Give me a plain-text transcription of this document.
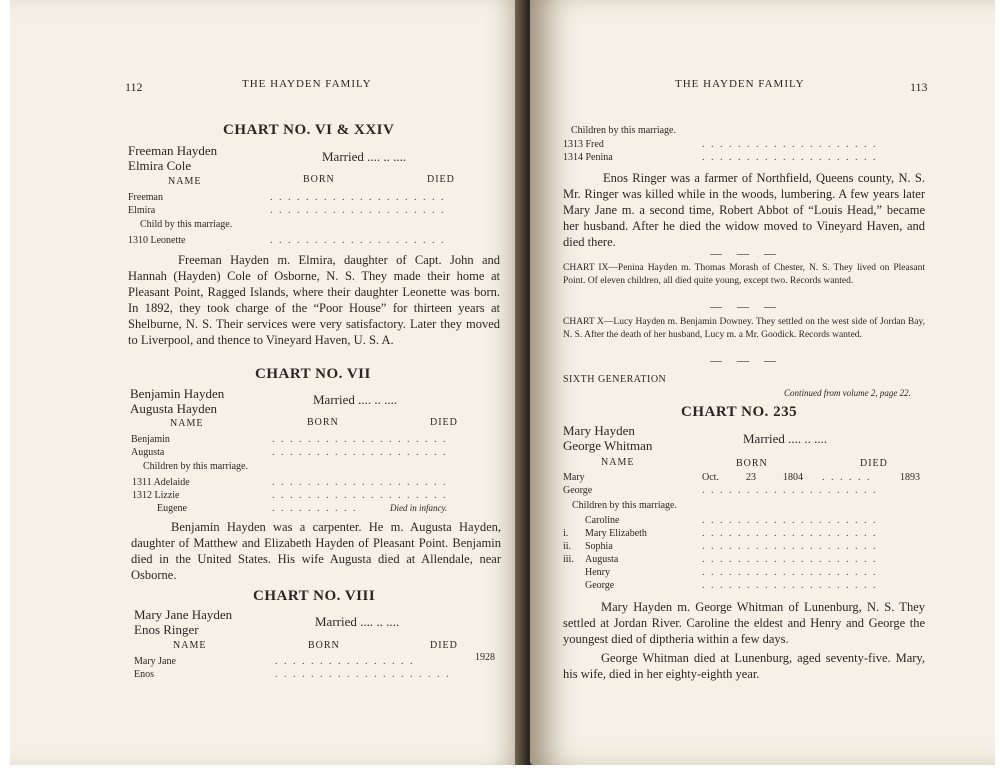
112	THE HAYDEN FAMILY
CHART NO. VI & XXIV
Freeman Hayden
Elmira Cole
Married .... .. ....
NAME	BORN	DIED
Freeman	. . . . . . . . . . . . . . . . . . . .
Elmira	. . . . . . . . . . . . . . . . . . . .
Child by this marriage.
1310 Leonette	. . . . . . . . . . . . . . . . . . . .
Freeman Hayden m. Elmira, daughter of Capt. John and Hannah (Hayden) Cole of Osborne, N. S. They made their home at Pleasant Point, Ragged Islands, where their daughter Leonette was born. In 1892, they took charge of the “Poor House” for thirteen years at Shelburne, N. S. Their services were very satisfactory. Later they moved to Liverpool, and thence to Vineyard Haven, U. S. A.
CHART NO. VII
Benjamin Hayden
Augusta Hayden
Married .... .. ....
NAME	BORN	DIED
Benjamin	. . . . . . . . . . . . . . . . . . . .
Augusta	. . . . . . . . . . . . . . . . . . . .
Children by this marriage.
1311 Adelaide	. . . . . . . . . . . . . . . . . . . .
1312 Lizzie	. . . . . . . . . . . . . . . . . . . .
Eugene	. . . . . . . . . .	Died in infancy.
Benjamin Hayden was a carpenter. He m. Augusta Hayden, daughter of Matthew and Elizabeth Hayden of Pleasant Point. Benjamin died in the United States. His wife Augusta died at Allendale, near Osborne.
CHART NO. VIII
Mary Jane Hayden
Enos Ringer
Married .... .. ....
NAME	BORN	DIED
Mary Jane	. . . . . . . . . . . . . . . .	1928
Enos	. . . . . . . . . . . . . . . . . . . .
THE HAYDEN FAMILY	113
Children by this marriage.
1313 Fred	. . . . . . . . . . . . . . . . . . . .
1314 Penina	. . . . . . . . . . . . . . . . . . . .
Enos Ringer was a farmer of Northfield, Queens county, N. S. Mr. Ringer was killed while in the woods, lumbering. A few years later Mary Jane m. a second time, Robert Abbot of “Louis Head,” became her husband. After he died the widow moved to Vineyard Haven, and died there.
— — —
CHART IX—Penina Hayden m. Thomas Morash of Chester, N. S. They lived on Pleasant Point. Of eleven children, all died quite young, except two. Records wanted.
— — —
CHART X—Lucy Hayden m. Benjamin Downey. They settled on the west side of Jordan Bay, N. S. After the death of her husband, Lucy m. a Mr. Goodick. Records wanted.
— — —
SIXTH GENERATION
Continued from volume 2, page 22.
CHART NO. 235
Mary Hayden
George Whitman	Married .... .. ....
NAME	BORN	DIED
Mary	Oct.	23	1804 . . . . . .	1893
George	. . . . . . . . . . . . . . . . . . . .
Children by this marriage.
Caroline	. . . . . . . . . . . . . . . . . . . .
i. Mary Elizabeth	. . . . . . . . . . . . . . . . . . . .
ii. Sophia	. . . . . . . . . . . . . . . . . . . .
iii. Augusta	. . . . . . . . . . . . . . . . . . . .
Henry	. . . . . . . . . . . . . . . . . . . .
George	. . . . . . . . . . . . . . . . . . . .
Mary Hayden m. George Whitman of Lunenburg, N. S. They settled at Jordan River. Caroline the eldest and Henry and George the youngest died of diptheria within a few days.
George Whitman died at Lunenburg, aged seventy-five. Mary, his wife, died in her eighty-eighth year.
